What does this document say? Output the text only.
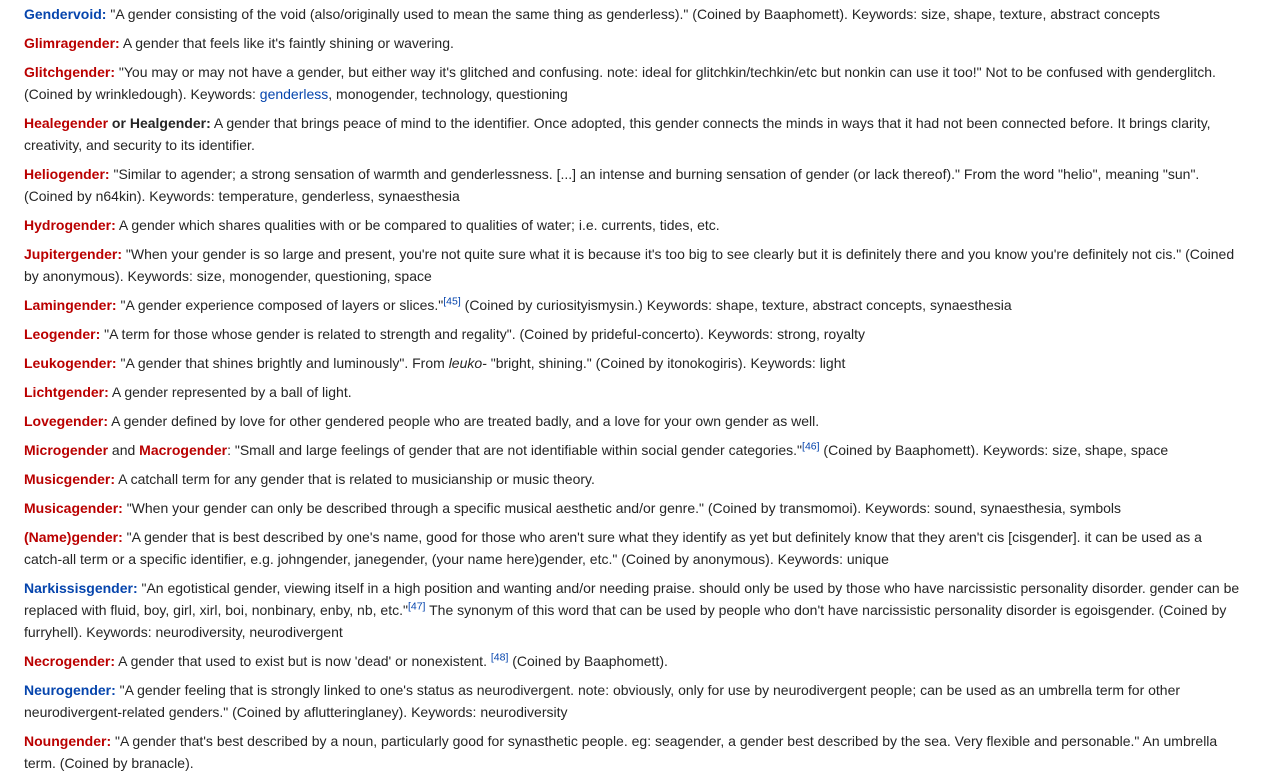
Gendervoid: "A gender consisting of the void (also/originally used to mean the same thing as genderless)." (Coined by Baaphomett). Keywords: size, shape, texture, abstract concepts

Glimragender: A gender that feels like it's faintly shining or wavering.

Glitchgender: "You may or may not have a gender, but either way it's glitched and confusing. note: ideal for glitchkin/techkin/etc but nonkin can use it too!" Not to be confused with genderglitch. (Coined by wrinkledough). Keywords: genderless, monogender, technology, questioning

Healegender or Healgender: A gender that brings peace of mind to the identifier. Once adopted, this gender connects the minds in ways that it had not been connected before. It brings clarity, creativity, and security to its identifier.

Heliogender: "Similar to agender; a strong sensation of warmth and genderlessness. [...] an intense and burning sensation of gender (or lack thereof)." From the word "helio", meaning "sun". (Coined by n64kin). Keywords: temperature, genderless, synaesthesia

Hydrogender: A gender which shares qualities with or be compared to qualities of water; i.e. currents, tides, etc.

Jupitergender: "When your gender is so large and present, you're not quite sure what it is because it's too big to see clearly but it is definitely there and you know you're definitely not cis." (Coined by anonymous). Keywords: size, monogender, questioning, space

Lamingender: "A gender experience composed of layers or slices."[45] (Coined by curiosityismysin.) Keywords: shape, texture, abstract concepts, synaesthesia

Leogender: "A term for those whose gender is related to strength and regality". (Coined by prideful-concerto). Keywords: strong, royalty

Leukogender: "A gender that shines brightly and luminously". From leuko- "bright, shining." (Coined by itonokogiris). Keywords: light

Lichtgender: A gender represented by a ball of light.

Lovegender: A gender defined by love for other gendered people who are treated badly, and a love for your own gender as well.

Microgender and Macrogender: "Small and large feelings of gender that are not identifiable within social gender categories."[46] (Coined by Baaphomett). Keywords: size, shape, space

Musicgender: A catchall term for any gender that is related to musicianship or music theory.

Musicagender: "When your gender can only be described through a specific musical aesthetic and/or genre." (Coined by transmomoi). Keywords: sound, synaesthesia, symbols

(Name)gender: "A gender that is best described by one's name, good for those who aren't sure what they identify as yet but definitely know that they aren't cis [cisgender]. it can be used as a catch-all term or a specific identifier, e.g. johngender, janegender, (your name here)gender, etc." (Coined by anonymous). Keywords: unique

Narkissisgender: "An egotistical gender, viewing itself in a high position and wanting and/or needing praise. should only be used by those who have narcissistic personality disorder. gender can be replaced with fluid, boy, girl, xirl, boi, nonbinary, enby, nb, etc."[47] The synonym of this word that can be used by people who don't have narcissistic personality disorder is egoisgender. (Coined by furryhell). Keywords: neurodiversity, neurodivergent

Necrogender: A gender that used to exist but is now 'dead' or nonexistent. [48] (Coined by Baaphomett).

Neurogender: "A gender feeling that is strongly linked to one's status as neurodivergent. note: obviously, only for use by neurodivergent people; can be used as an umbrella term for other neurodivergent-related genders." (Coined by aflutteringlaney). Keywords: neurodiversity

Noungender: "A gender that's best described by a noun, particularly good for synasthetic people. eg: seagender, a gender best described by the sea. Very flexible and personable." An umbrella term. (Coined by branacle).
